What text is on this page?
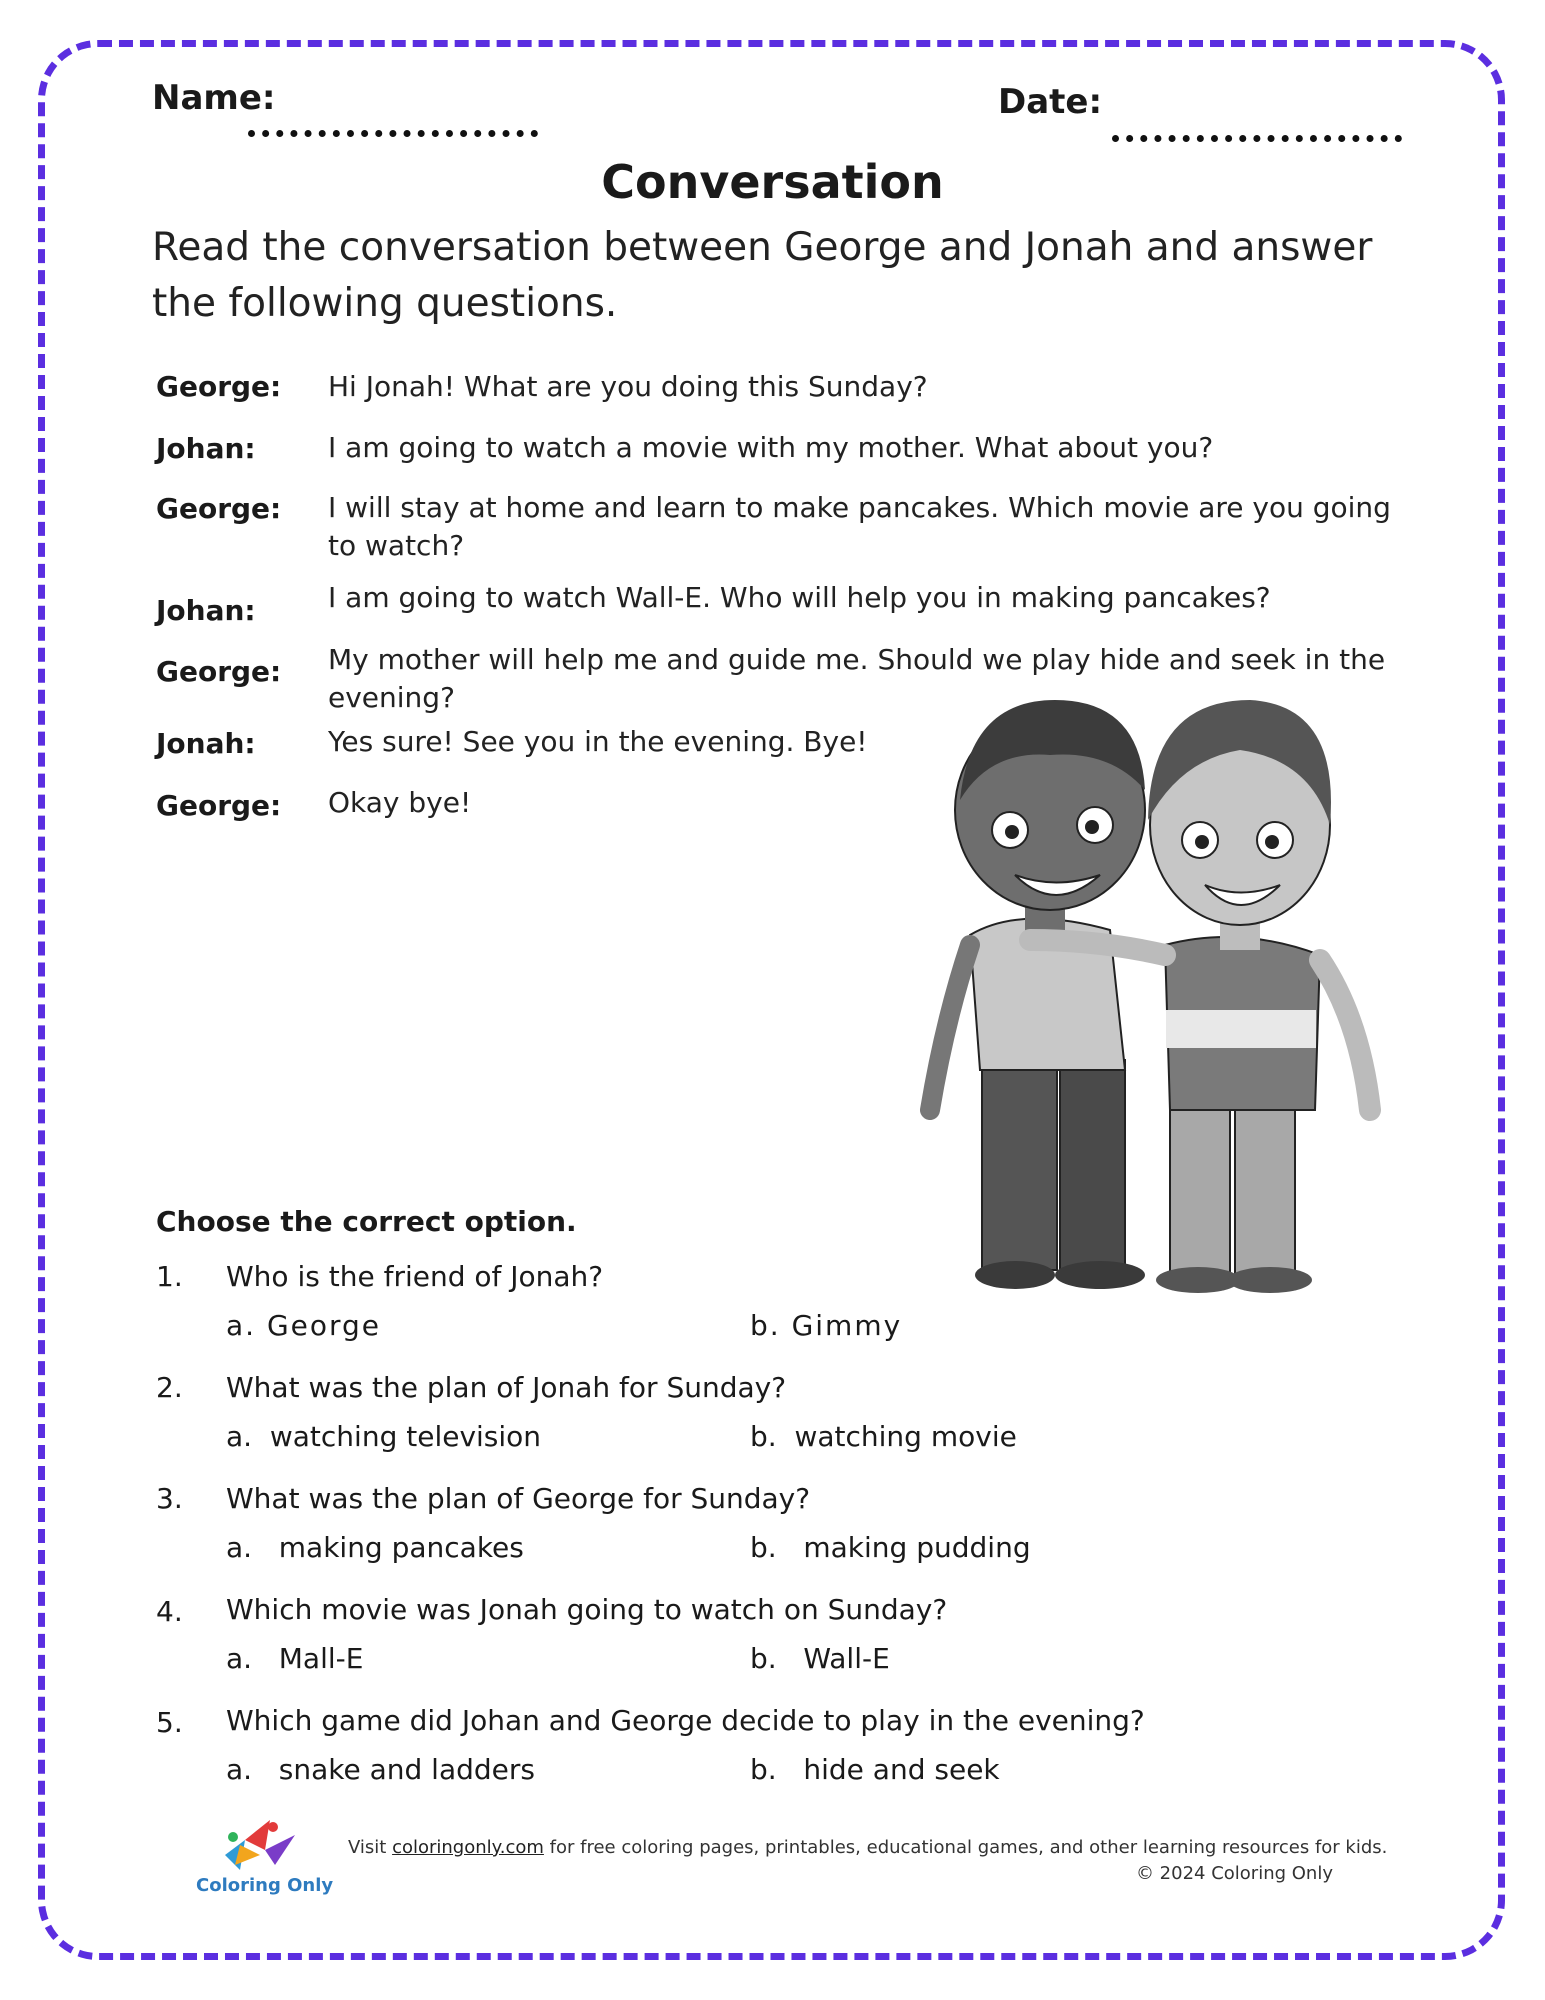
Name:	Date:
Conversation
Read the conversation between George and Jonah and answer the following questions.
George: Hi Jonah! What are you doing this Sunday?
Johan:	I am going to watch a movie with my mother. What about you?
George: I will stay at home and learn to make pancakes. Which movie are you going to watch?
Johan:	I am going to watch Wall-E. Who will help you in making pancakes?
George: My mother will help me and guide me. Should we play hide and seek in the evening?
Jonah:	Yes sure! See you in the evening. Bye!
George: Okay bye!
Choose the correct option.
1. Who is the friend of Jonah?
a. George	b. Gimmy
2. What was the plan of Jonah for Sunday?
a.  watching television	b.  watching movie
3. What was the plan of George for Sunday?
a.   making pancakes	b.   making pudding
4. Which movie was Jonah going to watch on Sunday?
a.   Mall-E	b.   Wall-E
5. Which game did Johan and George decide to play in the evening?
a.   snake and ladders	b.   hide and seek
Coloring Only
Visit coloringonly.com for free coloring pages, printables, educational games, and other learning resources for kids.
© 2024 Coloring Only
